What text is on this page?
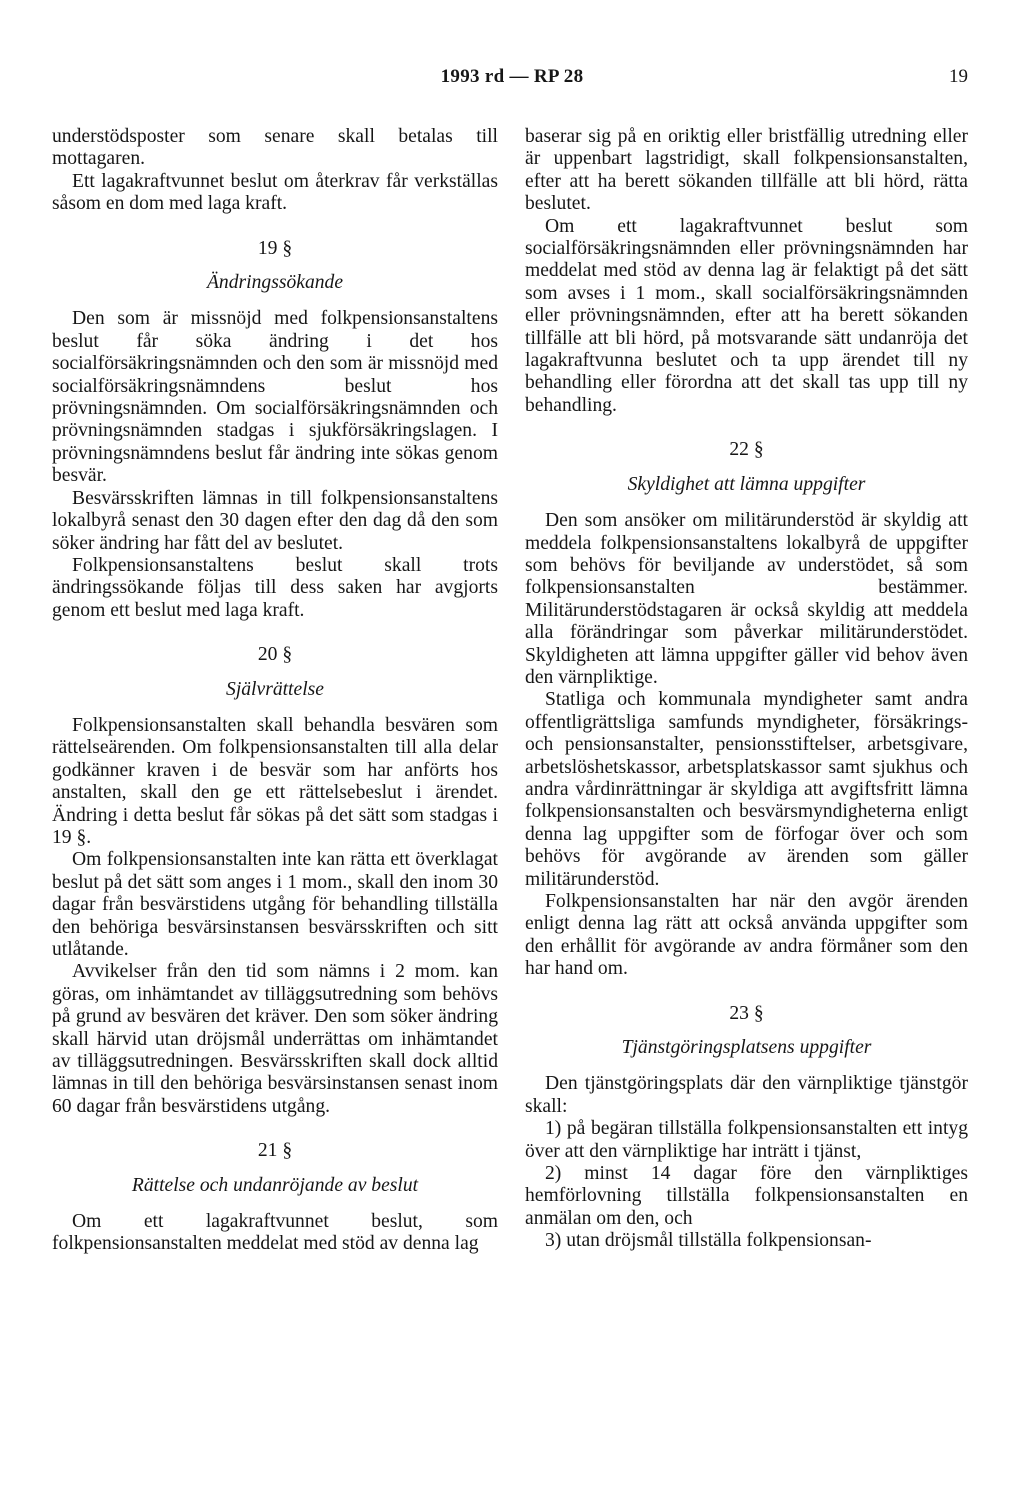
1993 rd — RP 28	19

understödsposter som senare skall betalas till mottagaren.

Ett lagakraftvunnet beslut om återkrav får verkställas såsom en dom med laga kraft.

19 §
Ändringssökande

Den som är missnöjd med folkpensionsanstaltens beslut får söka ändring i det hos socialförsäkringsnämnden och den som är missnöjd med socialförsäkringsnämndens beslut hos prövningsnämnden. Om socialförsäkringsnämnden och prövningsnämnden stadgas i sjukförsäkringslagen. I prövningsnämndens beslut får ändring inte sökas genom besvär.

Besvärsskriften lämnas in till folkpensionsanstaltens lokalbyrå senast den 30 dagen efter den dag då den som söker ändring har fått del av beslutet.

Folkpensionsanstaltens beslut skall trots ändringssökande följas till dess saken har avgjorts genom ett beslut med laga kraft.

20 §
Självrättelse

Folkpensionsanstalten skall behandla besvären som rättelseärenden. Om folkpensionsanstalten till alla delar godkänner kraven i de besvär som har anförts hos anstalten, skall den ge ett rättelsebeslut i ärendet. Ändring i detta beslut får sökas på det sätt som stadgas i 19 §.

Om folkpensionsanstalten inte kan rätta ett överklagat beslut på det sätt som anges i 1 mom., skall den inom 30 dagar från besvärstidens utgång för behandling tillställa den behöriga besvärsinstansen besvärsskriften och sitt utlåtande.

Avvikelser från den tid som nämns i 2 mom. kan göras, om inhämtandet av tilläggsutredning som behövs på grund av besvären det kräver. Den som söker ändring skall härvid utan dröjsmål underrättas om inhämtandet av tilläggsutredningen. Besvärsskriften skall dock alltid lämnas in till den behöriga besvärsinstansen senast inom 60 dagar från besvärstidens utgång.

21 §
Rättelse och undanröjande av beslut

Om ett lagakraftvunnet beslut, som folkpensionsanstalten meddelat med stöd av denna lag

baserar sig på en oriktig eller bristfällig utredning eller är uppenbart lagstridigt, skall folkpensionsanstalten, efter att ha berett sökanden tillfälle att bli hörd, rätta beslutet.

Om ett lagakraftvunnet beslut som socialförsäkringsnämnden eller prövningsnämnden har meddelat med stöd av denna lag är felaktigt på det sätt som avses i 1 mom., skall socialförsäkringsnämnden eller prövningsnämnden, efter att ha berett sökanden tillfälle att bli hörd, på motsvarande sätt undanröja det lagakraftvunna beslutet och ta upp ärendet till ny behandling eller förordna att det skall tas upp till ny behandling.

22 §
Skyldighet att lämna uppgifter

Den som ansöker om militärunderstöd är skyldig att meddela folkpensionsanstaltens lokalbyrå de uppgifter som behövs för beviljande av understödet, så som folkpensionsanstalten bestämmer. Militärunderstödstagaren är också skyldig att meddela alla förändringar som påverkar militärunderstödet. Skyldigheten att lämna uppgifter gäller vid behov även den värnpliktige.

Statliga och kommunala myndigheter samt andra offentligrättsliga samfunds myndigheter, försäkrings- och pensionsanstalter, pensionsstiftelser, arbetsgivare, arbetslöshetskassor, arbetsplatskassor samt sjukhus och andra vårdinrättningar är skyldiga att avgiftsfritt lämna folkpensionsanstalten och besvärsmyndigheterna enligt denna lag uppgifter som de förfogar över och som behövs för avgörande av ärenden som gäller militärunderstöd.

Folkpensionsanstalten har när den avgör ärenden enligt denna lag rätt att också använda uppgifter som den erhållit för avgörande av andra förmåner som den har hand om.

23 §
Tjänstgöringsplatsens uppgifter

Den tjänstgöringsplats där den värnpliktige tjänstgör skall:

1) på begäran tillställa folkpensionsanstalten ett intyg över att den värnpliktige har inträtt i tjänst,

2) minst 14 dagar före den värnpliktiges hemförlovning tillställa folkpensionsanstalten en anmälan om den, och

3) utan dröjsmål tillställa folkpensionsan-
